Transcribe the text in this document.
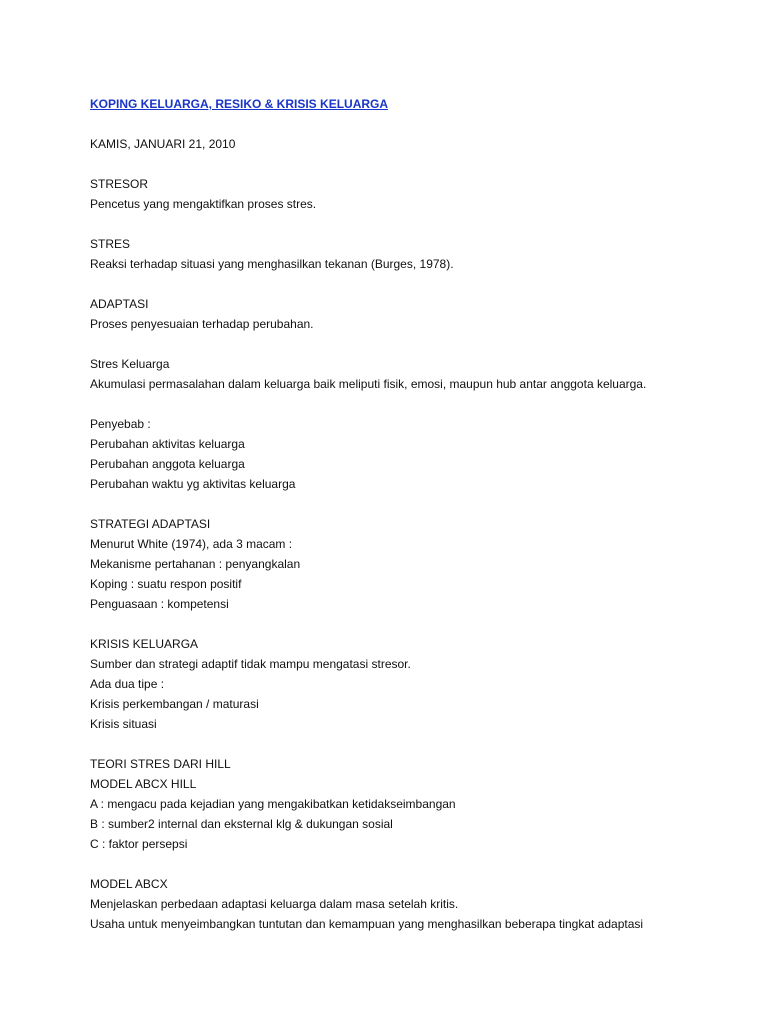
KOPING KELUARGA, RESIKO & KRISIS KELUARGA
KAMIS, JANUARI 21, 2010
STRESOR
Pencetus yang mengaktifkan proses stres.
STRES
Reaksi terhadap situasi yang menghasilkan tekanan (Burges, 1978).
ADAPTASI
Proses penyesuaian terhadap perubahan.
Stres Keluarga
Akumulasi permasalahan dalam keluarga baik meliputi fisik, emosi, maupun hub antar anggota keluarga.
Penyebab :
Perubahan aktivitas keluarga
Perubahan anggota keluarga
Perubahan waktu yg aktivitas keluarga
STRATEGI ADAPTASI
Menurut White (1974), ada 3 macam :
Mekanisme pertahanan : penyangkalan
Koping : suatu respon positif
Penguasaan : kompetensi
KRISIS KELUARGA
Sumber dan strategi adaptif tidak mampu mengatasi stresor.
Ada dua tipe :
Krisis perkembangan / maturasi
Krisis situasi
TEORI STRES DARI HILL
MODEL ABCX HILL
A : mengacu pada kejadian yang mengakibatkan ketidakseimbangan
B : sumber2 internal dan eksternal klg & dukungan sosial
C : faktor persepsi
MODEL ABCX
Menjelaskan perbedaan adaptasi keluarga dalam masa setelah kritis.
Usaha untuk menyeimbangkan tuntutan dan kemampuan yang menghasilkan beberapa tingkat adaptasi
